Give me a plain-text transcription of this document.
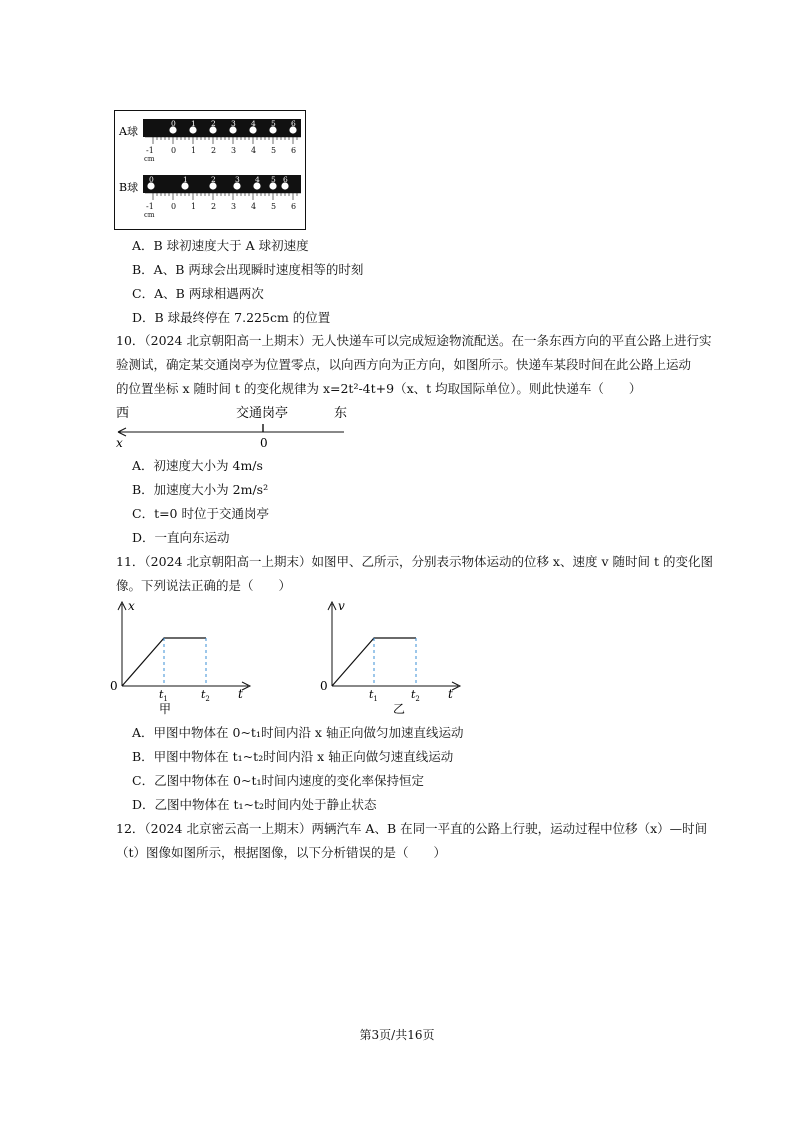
A球
0 1 2 3 4 5 6
-1 0 1 2 3 4 5 6
cm
B球
0	1	2	3 4 5 6
-1 0 1 2 3 4 5 6
cm
A．B 球初速度大于 A 球初速度
B．A、B 两球会出现瞬时速度相等的时刻
C．A、B 两球相遇两次
D．B 球最终停在 7.225cm 的位置
10．（2024 北京朝阳高一上期末）无人快递车可以完成短途物流配送。在一条东西方向的平直公路上进行实
验测试，确定某交通岗亭为位置零点，以向西方向为正方向，如图所示。快递车某段时间在此公路上运动
的位置坐标 x 随时间 t 的变化规律为 x=2t²-4t+9（x、t 均取国际单位）。则此快递车（　　）
西	交通岗亭	东
x	0
A．初速度大小为 4m/s
B．加速度大小为 2m/s²
C．t=0 时位于交通岗亭
D．一直向东运动
11．（2024 北京朝阳高一上期末）如图甲、乙所示，分别表示物体运动的位移 x、速度 v 随时间 t 的变化图
像。下列说法正确的是（　　）
x
t
0
$t_1$	$t_2$
甲
v
t
0
$t_1$	$t_2$
乙
A．甲图中物体在 0~t₁时间内沿 x 轴正向做匀加速直线运动
B．甲图中物体在 t₁~t₂时间内沿 x 轴正向做匀速直线运动
C．乙图中物体在 0~t₁时间内速度的变化率保持恒定
D．乙图中物体在 t₁~t₂时间内处于静止状态
12．（2024 北京密云高一上期末）两辆汽车 A、B 在同一平直的公路上行驶，运动过程中位移（x）—时间
（t）图像如图所示，根据图像，以下分析错误的是（　　）
第3页/共16页
